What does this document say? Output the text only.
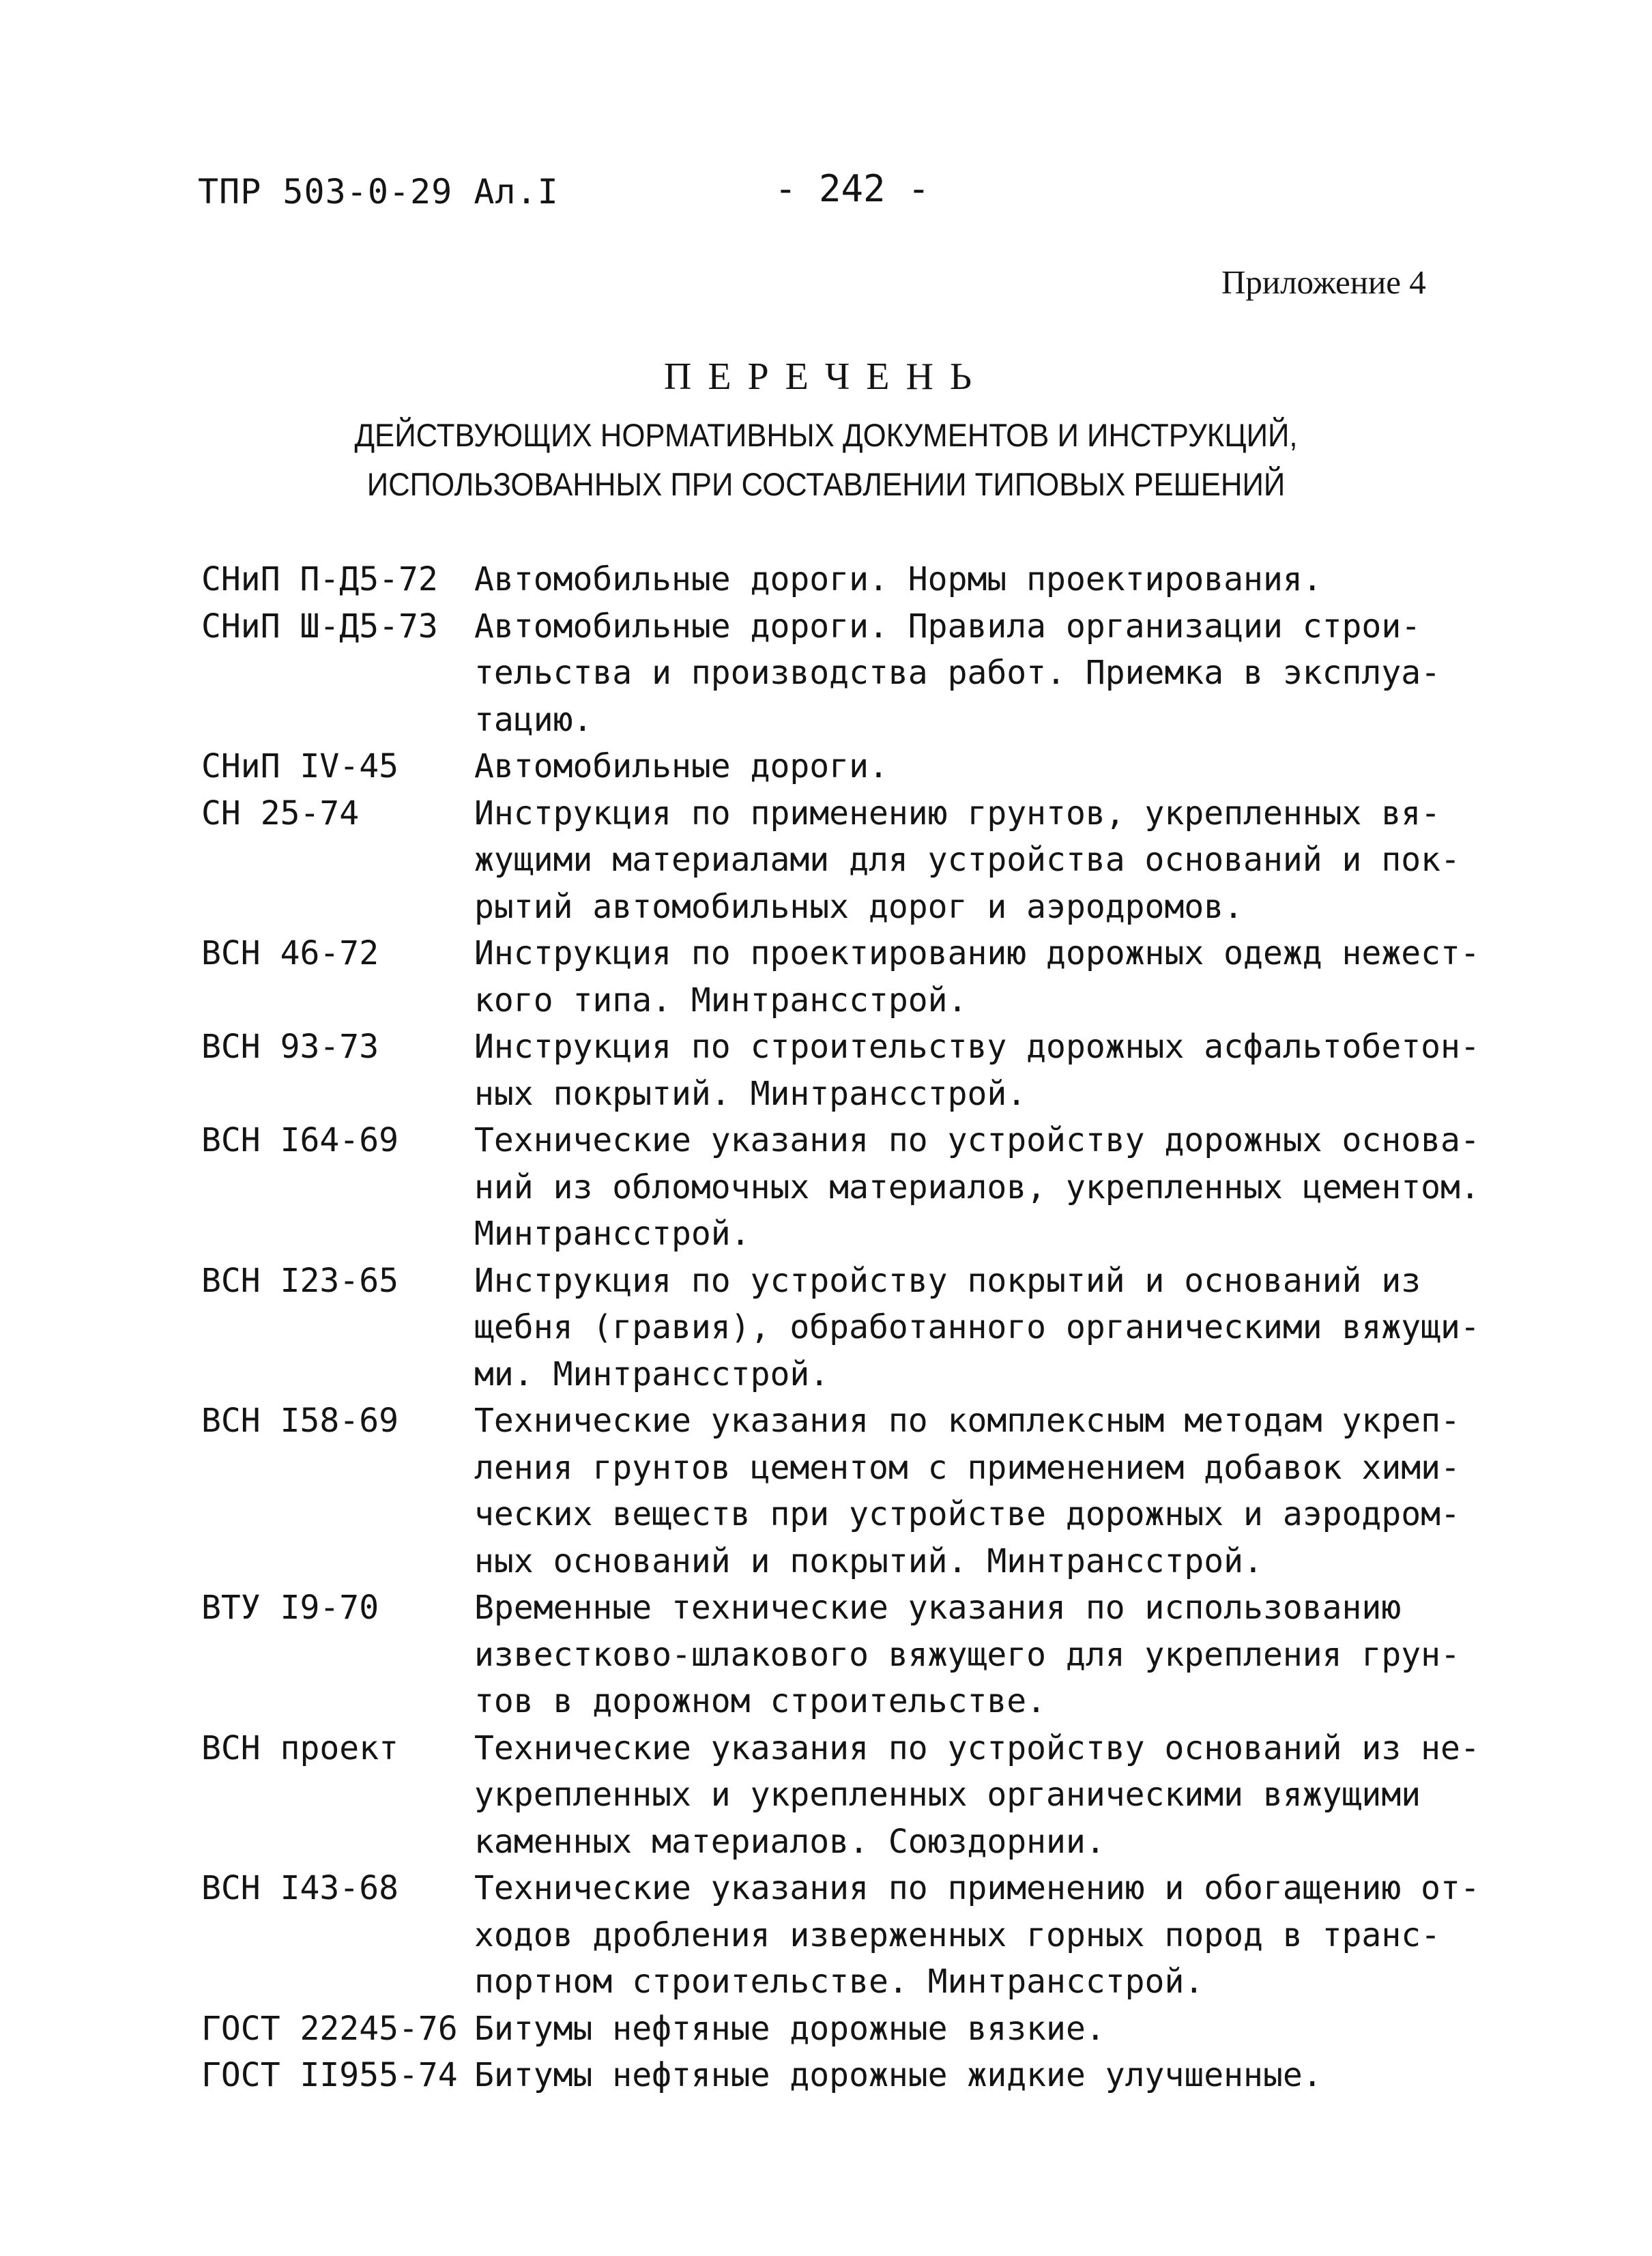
ТПР 503-0-29 Ал.I	- 242 -
Приложение 4
ПЕРЕЧЕНЬ
ДЕЙСТВУЮЩИХ НОРМАТИВНЫХ ДОКУМЕНТОВ И ИНСТРУКЦИЙ,
ИСПОЛЬЗОВАННЫХ ПРИ СОСТАВЛЕНИИ ТИПОВЫХ РЕШЕНИЙ
СНиП П-Д5-72	Автомобильные дороги. Нормы проектирования.
СНиП Ш-Д5-73	Автомобильные дороги. Правила организации строи-
тельства и производства работ. Приемка в эксплуа-
тацию.
СНиП IV-45	Автомобильные дороги.
СН 25-74	Инструкция по применению грунтов, укрепленных вя-
жущими материалами для устройства оснований и пок-
рытий автомобильных дорог и аэродромов.
ВСН 46-72	Инструкция по проектированию дорожных одежд нежест-
кого типа. Минтрансстрой.
ВСН 93-73	Инструкция по строительству дорожных асфальтобетон-
ных покрытий. Минтрансстрой.
ВСН I64-69	Технические указания по устройству дорожных основа-
ний из обломочных материалов, укрепленных цементом.
Минтрансстрой.
ВСН I23-65	Инструкция по устройству покрытий и оснований из
щебня (гравия), обработанного органическими вяжущи-
ми. Минтрансстрой.
ВСН I58-69	Технические указания по комплексным методам укреп-
ления грунтов цементом с применением добавок хими-
ческих веществ при устройстве дорожных и аэродром-
ных оснований и покрытий. Минтрансстрой.
ВТУ I9-70	Временные технические указания по использованию
известково-шлакового вяжущего для укрепления грун-
тов в дорожном строительстве.
ВСН проект	Технические указания по устройству оснований из не-
укрепленных и укрепленных органическими вяжущими
каменных материалов. Союздорнии.
ВСН I43-68	Технические указания по применению и обогащению от-
ходов дробления изверженных горных пород в транс-
портном строительстве. Минтрансстрой.
ГОСТ 22245-76 Битумы нефтяные дорожные вязкие.
ГОСТ II955-74 Битумы нефтяные дорожные жидкие улучшенные.
